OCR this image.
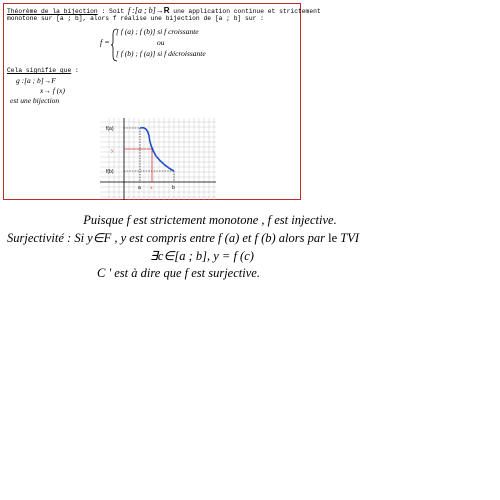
Théorème de la bijection : Soit f :[a ; b]→R une application continue et strictement
monotone sur [a ; b], alors f réalise une bijection de [a ; b] sur :
f =
[ f (a) ; f (b)] si f croissante
ou
[ f (b) ; f (a)] si f décroissante
Cela signifie que :
g :[a ; b]→F
x→ f (x)
est une bijection
f(a)
y
f(b)
a x	b
Puisque f est strictement monotone , f est injective.
Surjectivité : Si y∈F , y est compris entre f (a) et f (b) alors par le TVI
∃c∈[a ; b], y = f (c)
C ' est à dire que f est surjective.
